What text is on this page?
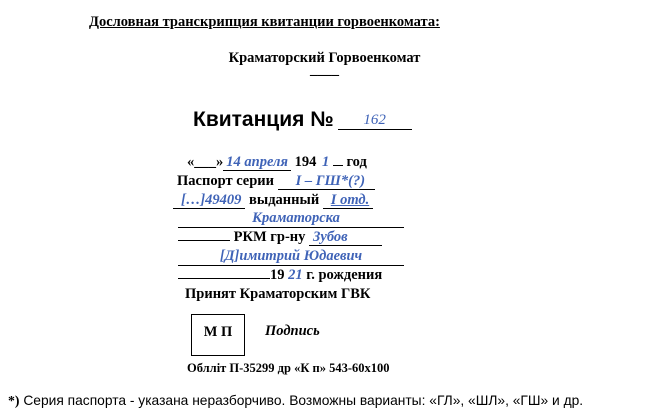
Дословная транскрипция квитанции горвоенкомата:
Краматорский Горвоенкомат
____
Квитанция № 162
«___» 14 апреля 194 1 год
Паспорт серии I – ГШ*(?)
[…]49409 выданный I отд.
Краматорска
РКМ гр-ну Зубов
[Д]имитрий Юдаевич
19 21 г. рождения
Принят Краматорским ГВК
М П	Подпись
Облліт П-35299 др «К п» 543-60х100
*) Серия паспорта - указана неразборчиво. Возможны варианты: «ГЛ», «ШЛ», «ГШ» и др.
